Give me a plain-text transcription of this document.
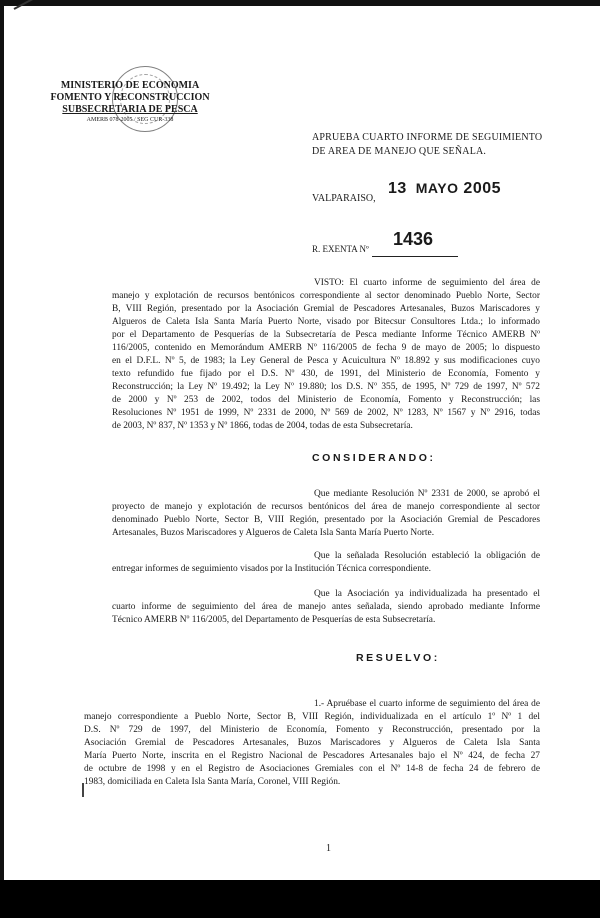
MINISTERIO DE ECONOMIA
FOMENTO Y RECONSTRUCCION
SUBSECRETARIA DE PESCA
AMERB 078-2005 / SEG CUR-338
APRUEBA CUARTO INFORME DE SEGUIMIENTO
DE AREA DE MANEJO QUE SEÑALA.
VALPARAISO,
13 MAYO 2005
R. EXENTA Nº 1436
VISTO: El cuarto informe de seguimiento del área de
manejo y explotación de recursos bentónicos correspondiente al sector denominado Pueblo Norte, Sector
B, VIII Región, presentado por la Asociación Gremial de Pescadores Artesanales, Buzos Mariscadores y
Algueros de Caleta Isla Santa María Puerto Norte, visado por Bitecsur Consultores Ltda.; lo informado
por el Departamento de Pesquerías de la Subsecretaría de Pesca mediante Informe Técnico AMERB Nº
116/2005, contenido en Memorándum AMERB Nº 116/2005 de fecha 9 de mayo de 2005; lo dispuesto
en el D.F.L. Nº 5, de 1983; la Ley General de Pesca y Acuicultura Nº 18.892 y sus modificaciones cuyo
texto refundido fue fijado por el D.S. Nº 430, de 1991, del Ministerio de Economía, Fomento y
Reconstrucción; la Ley Nº 19.492; la Ley Nº 19.880; los D.S. Nº 355, de 1995, Nº 729 de 1997, Nº 572
de 2000 y Nº 253 de 2002, todos del Ministerio de Economía, Fomento y Reconstrucción; las
Resoluciones Nº 1951 de 1999, Nº 2331 de 2000, Nº 569 de 2002, Nº 1283, Nº 1567 y Nº 2916, todas
de 2003, Nº 837, Nº 1353 y Nº 1866, todas de 2004, todas de esta Subsecretaría.
CONSIDERANDO:
Que mediante Resolución Nº 2331 de 2000, se aprobó el
proyecto de manejo y explotación de recursos bentónicos del área de manejo correspondiente al sector
denominado Pueblo Norte, Sector B, VIII Región, presentado por la Asociación Gremial de Pescadores
Artesanales, Buzos Mariscadores y Algueros de Caleta Isla Santa María Puerto Norte.
Que la señalada Resolución estableció la obligación de
entregar informes de seguimiento visados por la Institución Técnica correspondiente.
Que la Asociación ya individualizada ha presentado el
cuarto informe de seguimiento del área de manejo antes señalada, siendo aprobado mediante Informe
Técnico AMERB Nº 116/2005, del Departamento de Pesquerías de esta Subsecretaría.
RESUELVO:
1.- Apruébase el cuarto informe de seguimiento del área de
manejo correspondiente a Pueblo Norte, Sector B, VIII Región, individualizada en el artículo 1º Nº 1 del
D.S. Nº 729 de 1997, del Ministerio de Economía, Fomento y Reconstrucción, presentado por la
Asociación Gremial de Pescadores Artesanales, Buzos Mariscadores y Algueros de Caleta Isla Santa
María Puerto Norte, inscrita en el Registro Nacional de Pescadores Artesanales bajo el Nº 424, de fecha 27
de octubre de 1998 y en el Registro de Asociaciones Gremiales con el Nº 14-8 de fecha 24 de febrero de
1983, domiciliada en Caleta Isla Santa María, Coronel, VIII Región.
1
